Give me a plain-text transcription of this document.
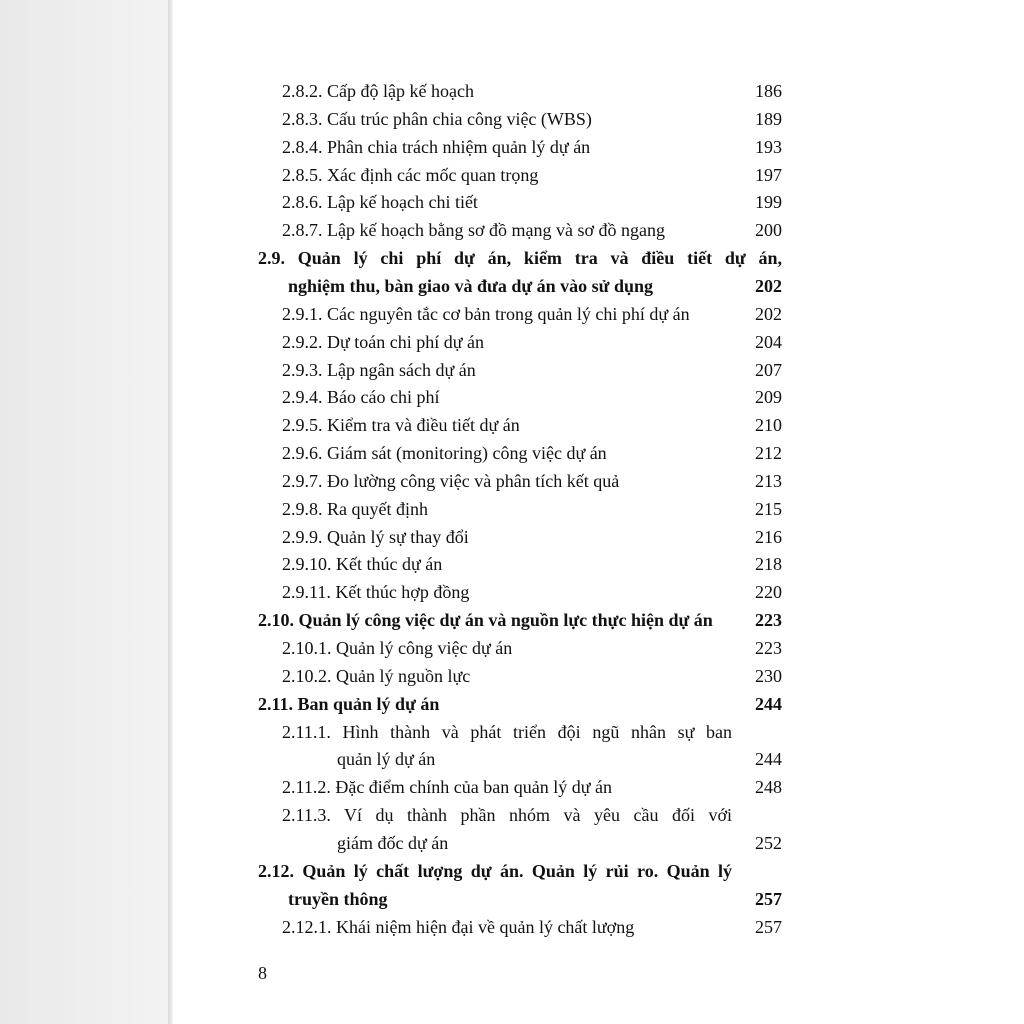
2.8.2. Cấp độ lập kế hoạch	186
2.8.3. Cấu trúc phân chia công việc (WBS)	189
2.8.4. Phân chia trách nhiệm quản lý dự án	193
2.8.5. Xác định các mốc quan trọng	197
2.8.6. Lập kế hoạch chi tiết	199
2.8.7. Lập kế hoạch bằng sơ đồ mạng và sơ đồ ngang	200
2.9. Quản lý chi phí dự án, kiểm tra và điều tiết dự án,
nghiệm thu, bàn giao và đưa dự án vào sử dụng	202
2.9.1. Các nguyên tắc cơ bản trong quản lý chi phí dự án	202
2.9.2. Dự toán chi phí dự án	204
2.9.3. Lập ngân sách dự án	207
2.9.4. Báo cáo chi phí	209
2.9.5. Kiểm tra và điều tiết dự án	210
2.9.6. Giám sát (monitoring) công việc dự án	212
2.9.7. Đo lường công việc và phân tích kết quả	213
2.9.8. Ra quyết định	215
2.9.9. Quản lý sự thay đổi	216
2.9.10. Kết thúc dự án	218
2.9.11. Kết thúc hợp đồng	220
2.10. Quản lý công việc dự án và nguồn lực thực hiện dự án 223
2.10.1. Quản lý công việc dự án	223
2.10.2. Quản lý nguồn lực	230
2.11. Ban quản lý dự án	244
2.11.1. Hình thành và phát triển đội ngũ nhân sự ban
quản lý dự án	244
2.11.2. Đặc điểm chính của ban quản lý dự án	248
2.11.3. Ví dụ thành phần nhóm và yêu cầu đối với
giám đốc dự án	252
2.12. Quản lý chất lượng dự án. Quản lý rủi ro. Quản lý
truyền thông	257
2.12.1. Khái niệm hiện đại về quản lý chất lượng	257
8
